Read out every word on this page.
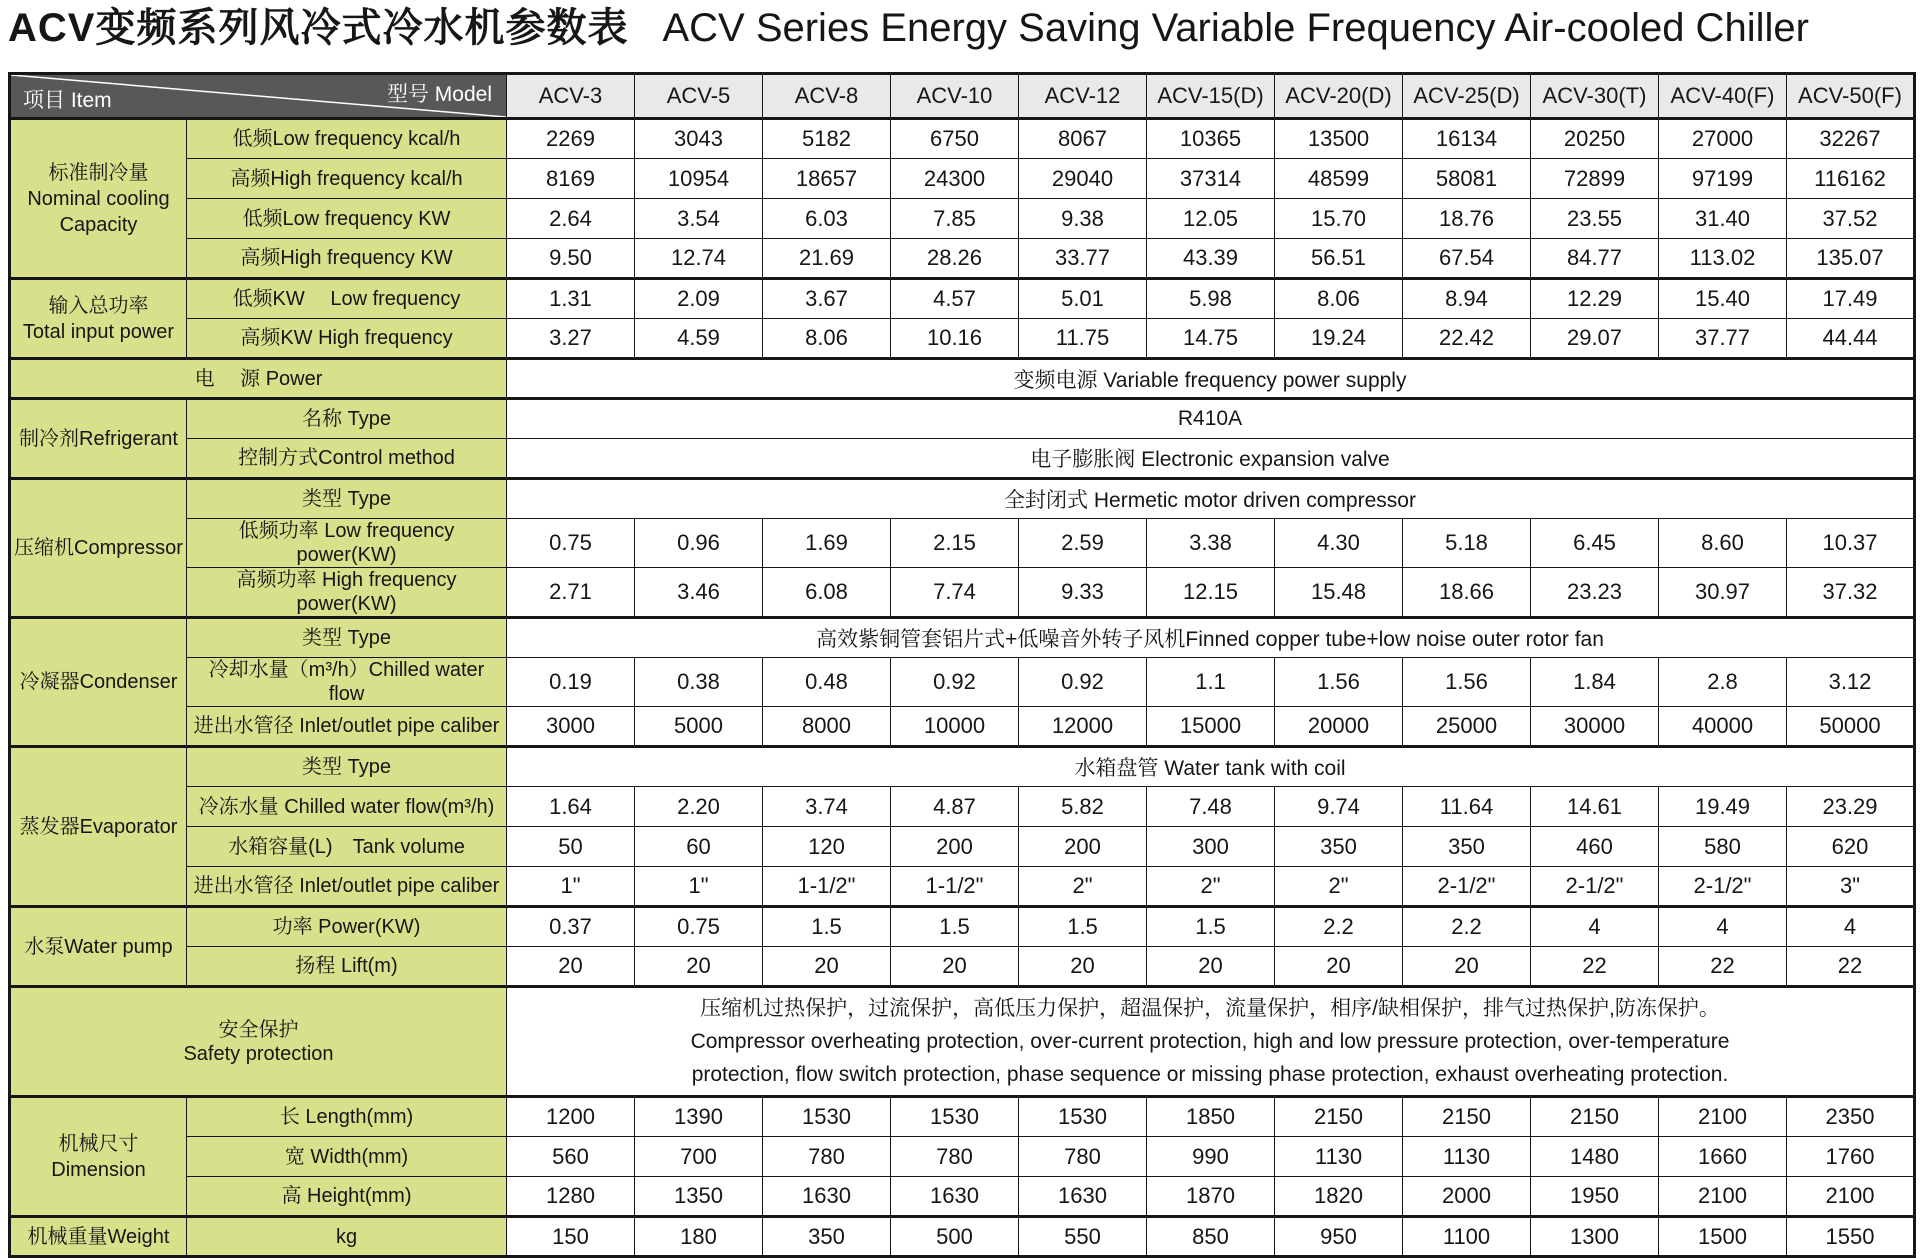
ACV变频系列风冷式冷水机参数表 ACV Series Energy Saving Variable Frequency Air-cooled Chiller
型号 Model
项目 Item		ACV-3	ACV-5	ACV-8	ACV-10	ACV-12	ACV-15(D)	ACV-20(D)	ACV-25(D)	ACV-30(T)	ACV-40(F)	ACV-50(F)
标准制冷量
Nominal cooling
Capacity	低频Low frequency kcal/h	2269	3043	5182	6750	8067	10365	13500	16134	20250	27000	32267
	高频High frequency kcal/h	8169	10954	18657	24300	29040	37314	48599	58081	72899	97199	116162
	低频Low frequency KW	2.64	3.54	6.03	7.85	9.38	12.05	15.70	18.76	23.55	31.40	37.52
	高频High frequency KW	9.50	12.74	21.69	28.26	33.77	43.39	56.51	67.54	84.77	113.02	135.07
输入总功率
Total input power	低频KW　 Low frequency	1.31	2.09	3.67	4.57	5.01	5.98	8.06	8.94	12.29	15.40	17.49
	高频KW High frequency	3.27	4.59	8.06	10.16	11.75	14.75	19.24	22.42	29.07	37.77	44.44
电　 源 Power		变频电源 Variable frequency power supply										
制冷剂Refrigerant	名称 Type	R410A										
	控制方式Control method	电子膨胀阀 Electronic expansion valve										
压缩机Compressor	类型 Type	全封闭式 Hermetic motor driven compressor										
	低频功率 Low frequency power(KW)	0.75	0.96	1.69	2.15	2.59	3.38	4.30	5.18	6.45	8.60	10.37
	高频功率 High frequency power(KW)	2.71	3.46	6.08	7.74	9.33	12.15	15.48	18.66	23.23	30.97	37.32
冷凝器Condenser	类型 Type	高效紫铜管套铝片式+低噪音外转子风机Finned copper tube+low noise outer rotor fan										
	冷却水量（m³/h）Chilled water flow	0.19	0.38	0.48	0.92	0.92	1.1	1.56	1.56	1.84	2.8	3.12
	进出水管径 Inlet/outlet pipe caliber	3000	5000	8000	10000	12000	15000	20000	25000	30000	40000	50000
蒸发器Evaporator	类型 Type	水箱盘管 Water tank with coil										
	冷冻水量 Chilled water flow(m³/h)	1.64	2.20	3.74	4.87	5.82	7.48	9.74	11.64	14.61	19.49	23.29
	水箱容量(L)　Tank volume	50	60	120	200	200	300	350	350	460	580	620
	进出水管径 Inlet/outlet pipe caliber	1"	1"	1-1/2"	1-1/2"	2"	2"	2"	2-1/2"	2-1/2"	2-1/2"	3"
水泵Water pump	功率 Power(KW)	0.37	0.75	1.5	1.5	1.5	1.5	2.2	2.2	4	4	4
	扬程 Lift(m)	20	20	20	20	20	20	20	20	22	22	22
安全保护
Safety protection		压缩机过热保护，过流保护，高低压力保护，超温保护，流量保护，相序/缺相保护，排气过热保护,防冻保护。
Compressor overheating protection, over-current protection, high and low pressure protection, over-temperature
protection, flow switch protection, phase sequence or missing phase protection, exhaust overheating protection.										
机械尺寸Dimension	长 Length(mm)	1200	1390	1530	1530	1530	1850	2150	2150	2150	2100	2350
	宽 Width(mm)	560	700	780	780	780	990	1130	1130	1480	1660	1760
	高 Height(mm)	1280	1350	1630	1630	1630	1870	1820	2000	1950	2100	2100
机械重量Weight	kg	150	180	350	500	550	850	950	1100	1300	1500	1550
